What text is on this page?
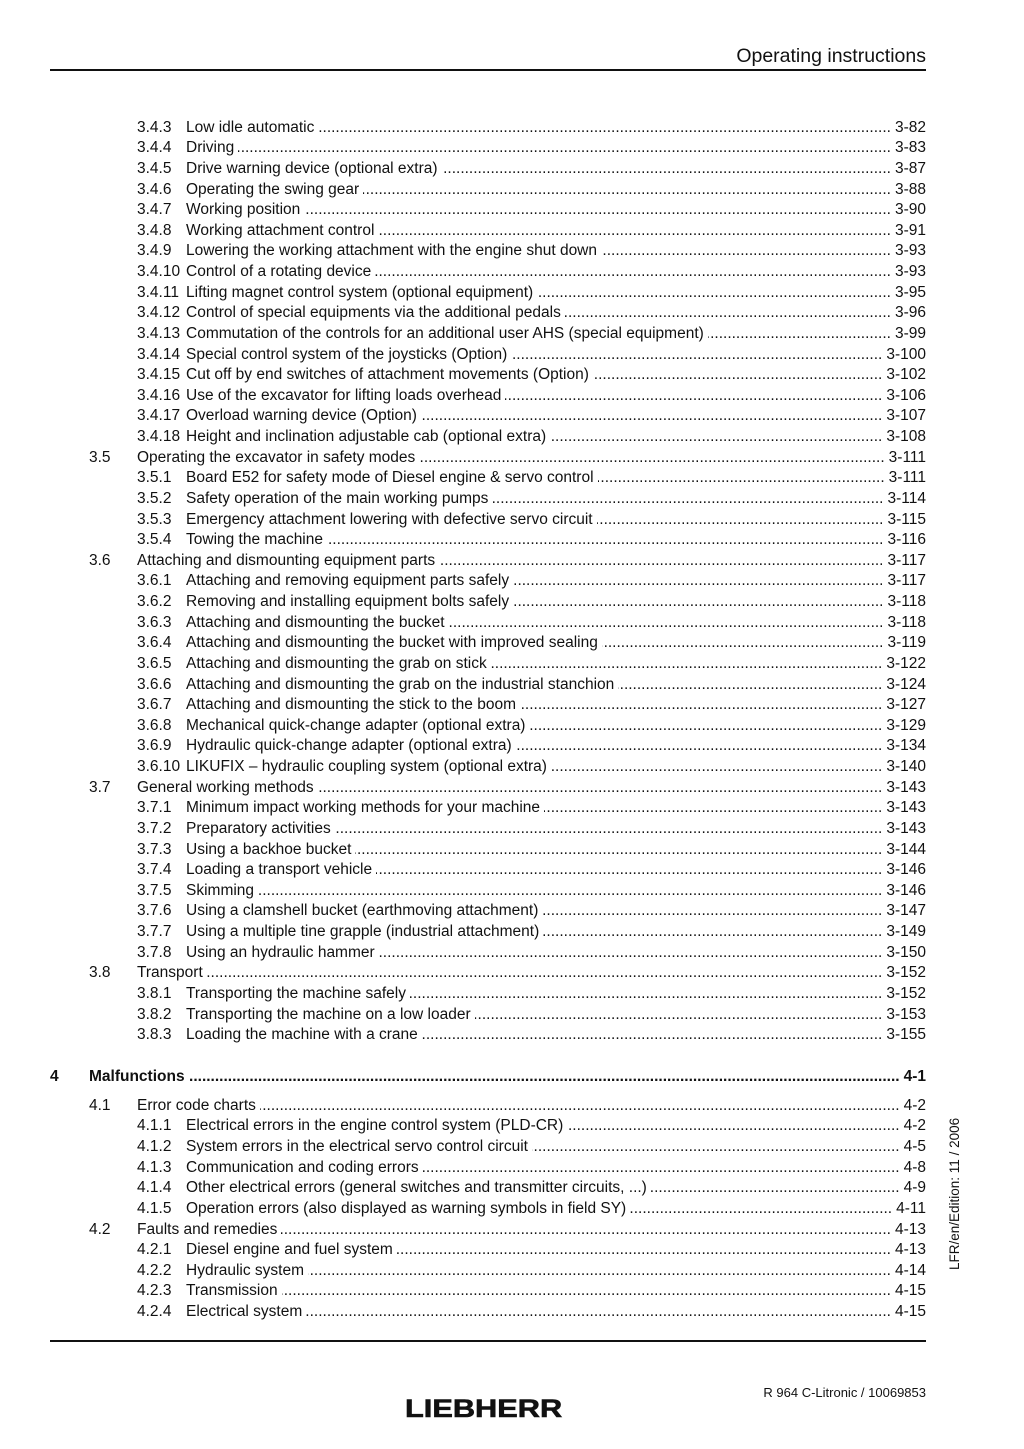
Operating instructions
3.4.3 Low idle automatic .....	3-82
3.4.4 Driving .....	3-83
3.4.5 Drive warning device (optional extra) .....	3-87
3.4.6 Operating the swing gear .....	3-88
3.4.7 Working position .....	3-90
3.4.8 Working attachment control .....	3-91
3.4.9 Lowering the working attachment with the engine shut down .....	3-93
3.4.10 Control of a rotating device .....	3-93
3.4.11 Lifting magnet control system (optional equipment) .....	3-95
3.4.12 Control of special equipments via the additional pedals .....	3-96
3.4.13 Commutation of the controls for an additional user AHS (special equipment) .....	3-99
3.4.14 Special control system of the joysticks (Option) .....	3-100
3.4.15 Cut off by end switches of attachment movements (Option) .....	3-102
3.4.16 Use of the excavator for lifting loads overhead .....	3-106
3.4.17 Overload warning device (Option) .....	3-107
3.4.18 Height and inclination adjustable cab (optional extra) .....	3-108
3.5	Operating the excavator in safety modes .....	3-111
3.5.1 Board E52 for safety mode of Diesel engine & servo control .....	3-111
3.5.2 Safety operation of the main working pumps .....	3-114
3.5.3 Emergency attachment lowering with defective servo circuit .....	3-115
3.5.4 Towing the machine .....	3-116
3.6	Attaching and dismounting equipment parts .....	3-117
3.6.1 Attaching and removing equipment parts safely .....	3-117
3.6.2 Removing and installing equipment bolts safely .....	3-118
3.6.3 Attaching and dismounting the bucket .....	3-118
3.6.4 Attaching and dismounting the bucket with improved sealing .....	3-119
3.6.5 Attaching and dismounting the grab on stick .....	3-122
3.6.6 Attaching and dismounting the grab on the industrial stanchion .....	3-124
3.6.7 Attaching and dismounting the stick to the boom .....	3-127
3.6.8 Mechanical quick-change adapter (optional extra) .....	3-129
3.6.9 Hydraulic quick-change adapter (optional extra) .....	3-134
3.6.10 LIKUFIX – hydraulic coupling system (optional extra) .....	3-140
3.7	General working methods .....	3-143
3.7.1 Minimum impact working methods for your machine .....	3-143
3.7.2 Preparatory activities .....	3-143
3.7.3 Using a backhoe bucket .....	3-144
3.7.4 Loading a transport vehicle .....	3-146
3.7.5 Skimming .....	3-146
3.7.6 Using a clamshell bucket (earthmoving attachment) .....	3-147
3.7.7 Using a multiple tine grapple (industrial attachment) .....	3-149
3.7.8 Using an hydraulic hammer .....	3-150
3.8	Transport .....	3-152
3.8.1 Transporting the machine safely .....	3-152
3.8.2 Transporting the machine on a low loader .....	3-153
3.8.3 Loading the machine with a crane .....	3-155
4	Malfunctions .....	4-1
4.1	Error code charts .....	4-2
4.1.1 Electrical errors in the engine control system (PLD-CR) .....	4-2
4.1.2 System errors in the electrical servo control circuit .....	4-5
4.1.3 Communication and coding errors .....	4-8
4.1.4 Other electrical errors (general switches and transmitter circuits, ...) .....	4-9
4.1.5 Operation errors (also displayed as warning symbols in field SY) .....	4-11
4.2	Faults and remedies .....	4-13
4.2.1 Diesel engine and fuel system .....	4-13
4.2.2 Hydraulic system .....	4-14
4.2.3 Transmission .....	4-15
4.2.4 Electrical system .....	4-15
LFR/en/Edition: 11 / 2006
LIEBHERR
R 964 C-Litronic / 10069853
